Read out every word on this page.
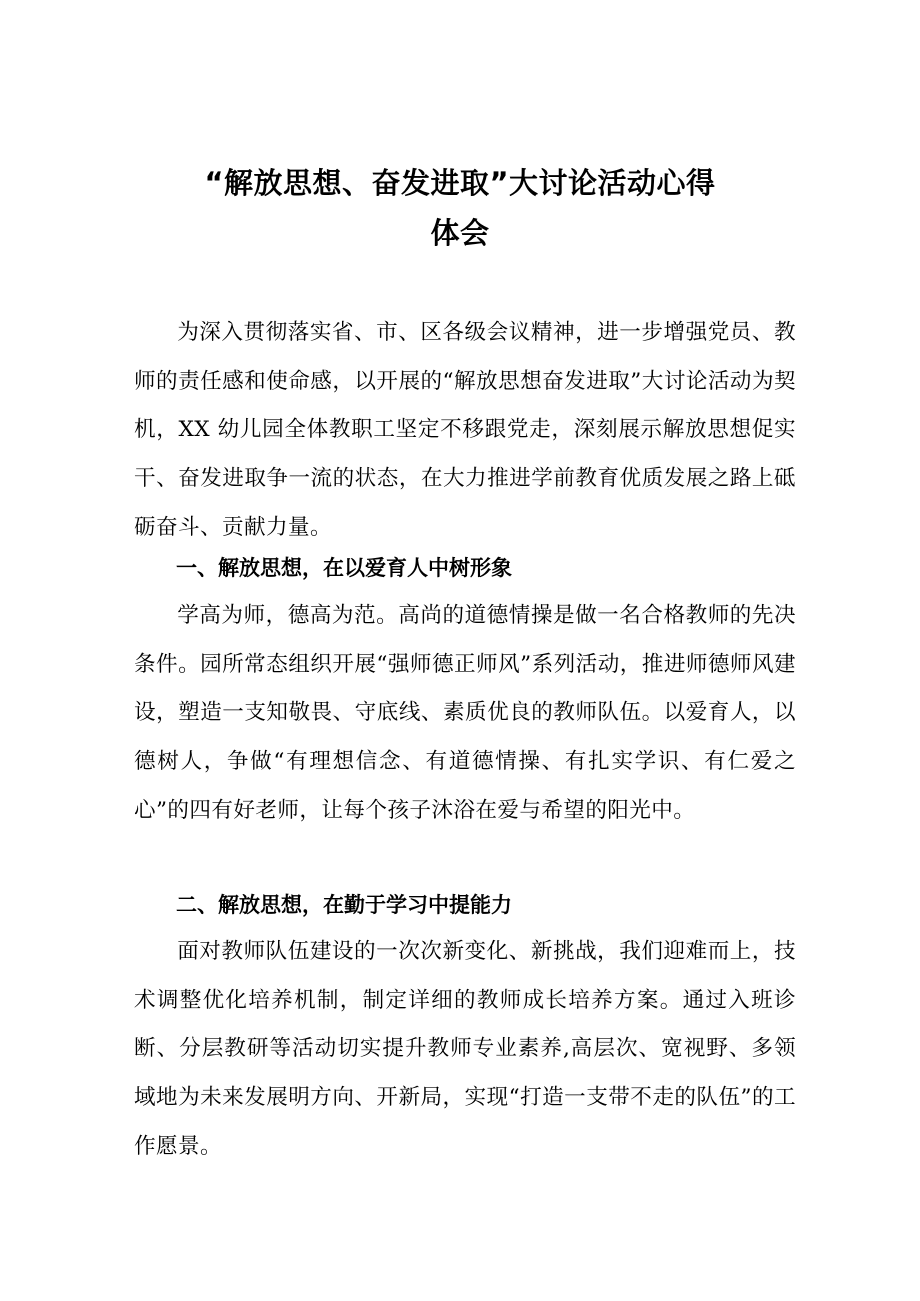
“解放思想、奋发进取”大讨论活动心得
体会

为深入贯彻落实省、市、区各级会议精神，进一步增强党员、教师的责任感和使命感，以开展的“解放思想奋发进取”大讨论活动为契机，XX 幼儿园全体教职工坚定不移跟党走，深刻展示解放思想促实干、奋发进取争一流的状态，在大力推进学前教育优质发展之路上砥砺奋斗、贡献力量。

一、解放思想，在以爱育人中树形象

学高为师，德高为范。高尚的道德情操是做一名合格教师的先决条件。园所常态组织开展“强师德正师风”系列活动，推进师德师风建设，塑造一支知敬畏、守底线、素质优良的教师队伍。以爱育人，以德树人，争做“有理想信念、有道德情操、有扎实学识、有仁爱之心”的四有好老师，让每个孩子沐浴在爱与希望的阳光中。

二、解放思想，在勤于学习中提能力

面对教师队伍建设的一次次新变化、新挑战，我们迎难而上，技术调整优化培养机制，制定详细的教师成长培养方案。通过入班诊断、分层教研等活动切实提升教师专业素养,高层次、宽视野、多领域地为未来发展明方向、开新局，实现“打造一支带不走的队伍”的工作愿景。
